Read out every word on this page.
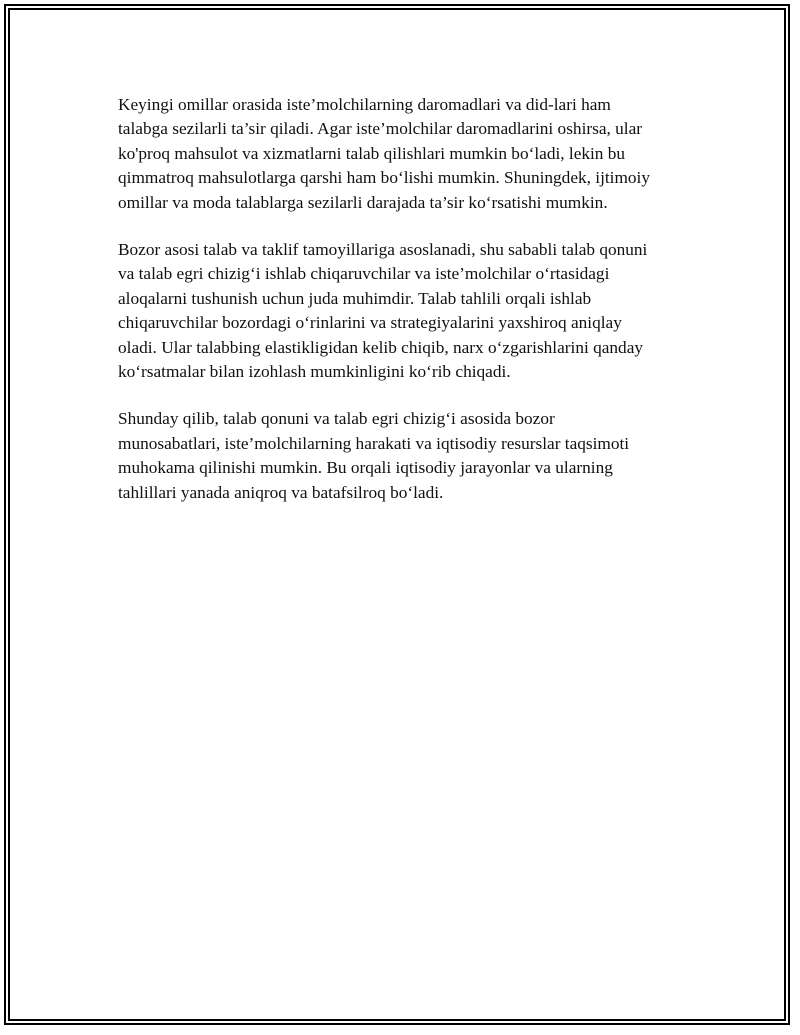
Keyingi omillar orasida iste’molchilarning daromadlari va did-lari ham
talabga sezilarli ta’sir qiladi. Agar iste’molchilar daromadlarini oshirsa, ular
ko'proq mahsulot va xizmatlarni talab qilishlari mumkin bo‘ladi, lekin bu
qimmatroq mahsulotlarga qarshi ham bo‘lishi mumkin. Shuningdek, ijtimoiy
omillar va moda talablarga sezilarli darajada ta’sir ko‘rsatishi mumkin.

Bozor asosi talab va taklif tamoyillariga asoslanadi, shu sababli talab qonuni
va talab egri chizig‘i ishlab chiqaruvchilar va iste’molchilar o‘rtasidagi
aloqalarni tushunish uchun juda muhimdir. Talab tahlili orqali ishlab
chiqaruvchilar bozordagi o‘rinlarini va strategiyalarini yaxshiroq aniqlay
oladi. Ular talabbing elastikligidan kelib chiqib, narx o‘zgarishlarini qanday
ko‘rsatmalar bilan izohlash mumkinligini ko‘rib chiqadi.

Shunday qilib, talab qonuni va talab egri chizig‘i asosida bozor
munosabatlari, iste’molchilarning harakati va iqtisodiy resurslar taqsimoti
muhokama qilinishi mumkin. Bu orqali iqtisodiy jarayonlar va ularning
tahlillari yanada aniqroq va batafsilroq bo‘ladi.
